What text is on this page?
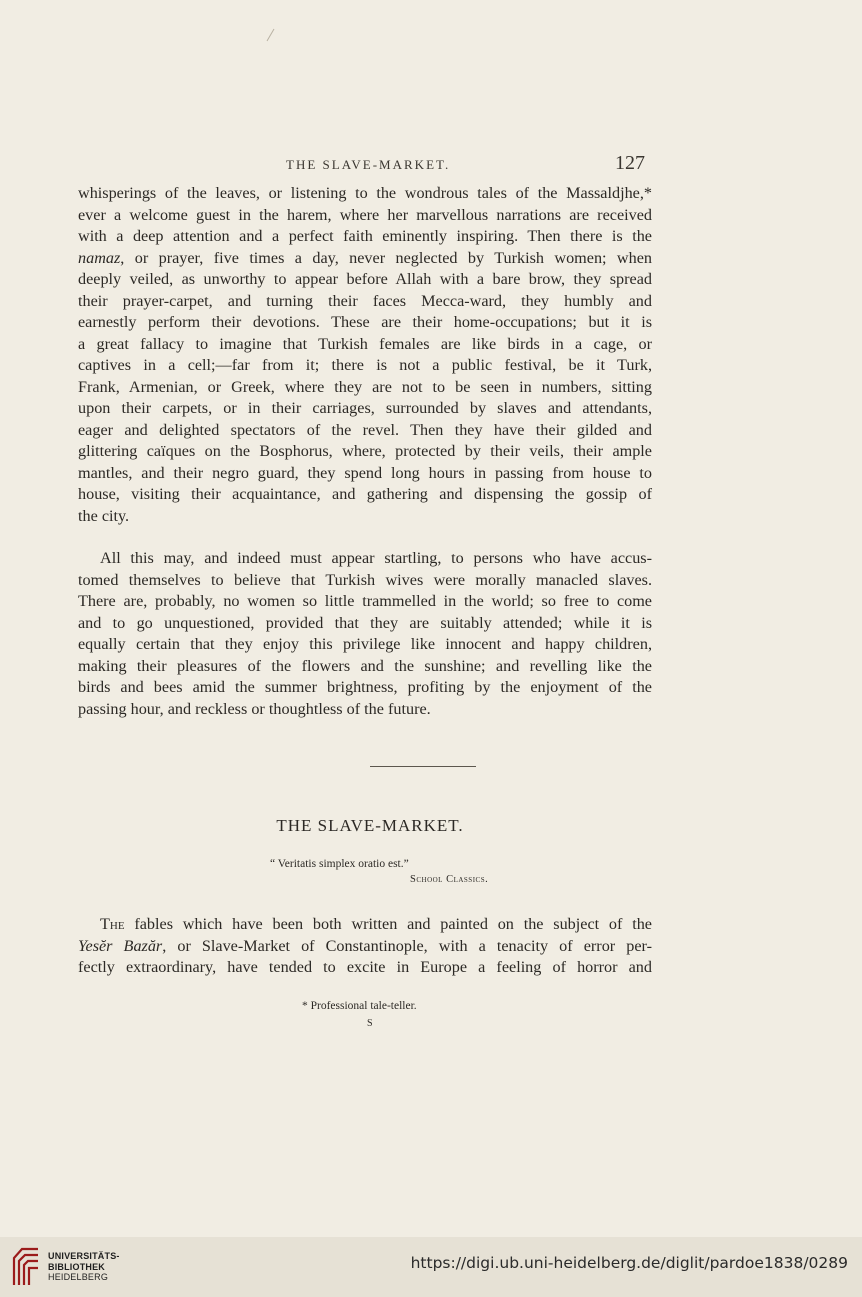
THE SLAVE-MARKET.	127
whisperings of the leaves, or listening to the wondrous tales of the Massaldjhe,*
ever a welcome guest in the harem, where her marvellous narrations are received
with a deep attention and a perfect faith eminently inspiring. Then there is the
namaz, or prayer, five times a day, never neglected by Turkish women; when
deeply veiled, as unworthy to appear before Allah with a bare brow, they spread
their prayer-carpet, and turning their faces Mecca-ward, they humbly and
earnestly perform their devotions. These are their home-occupations; but it is
a great fallacy to imagine that Turkish females are like birds in a cage, or
captives in a cell;—far from it; there is not a public festival, be it Turk,
Frank, Armenian, or Greek, where they are not to be seen in numbers, sitting
upon their carpets, or in their carriages, surrounded by slaves and attendants,
eager and delighted spectators of the revel. Then they have their gilded and
glittering caïques on the Bosphorus, where, protected by their veils, their ample
mantles, and their negro guard, they spend long hours in passing from house to
house, visiting their acquaintance, and gathering and dispensing the gossip of
the city.
All this may, and indeed must appear startling, to persons who have accus-
tomed themselves to believe that Turkish wives were morally manacled slaves.
There are, probably, no women so little trammelled in the world; so free to come
and to go unquestioned, provided that they are suitably attended; while it is
equally certain that they enjoy this privilege like innocent and happy children,
making their pleasures of the flowers and the sunshine; and revelling like the
birds and bees amid the summer brightness, profiting by the enjoyment of the
passing hour, and reckless or thoughtless of the future.
THE SLAVE-MARKET.
“ Veritatis simplex oratio est.”
School Classics.
The fables which have been both written and painted on the subject of the
Yesĕr Bazăr, or Slave-Market of Constantinople, with a tenacity of error per-
fectly extraordinary, have tended to excite in Europe a feeling of horror and
* Professional tale-teller.
S
UNIVERSITÄTS-
BIBLIOTHEK
HEIDELBERG
https://digi.ub.uni-heidelberg.de/diglit/pardoe1838/0289
